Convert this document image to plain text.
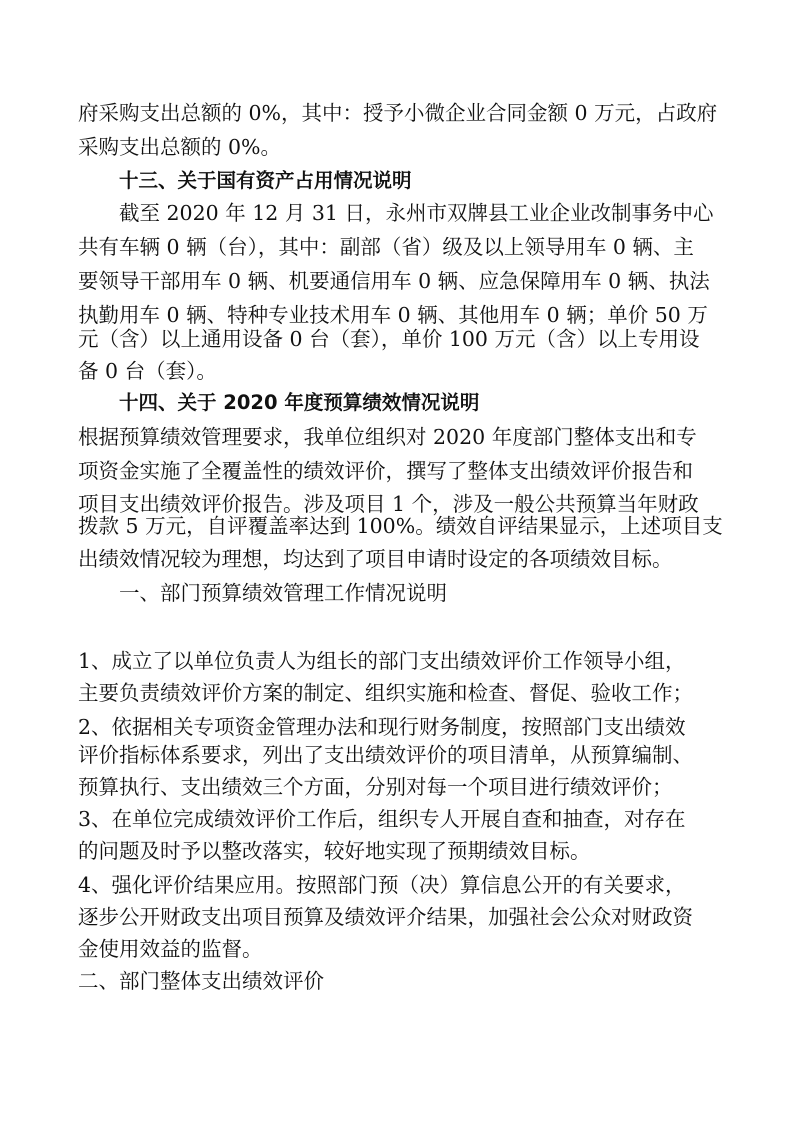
府采购支出总额的 0%，其中：授予小微企业合同金额 0 万元，占政府
采购支出总额的 0%。
十三、关于国有资产占用情况说明
截至 2020 年 12 月 31 日，永州市双牌县工业企业改制事务中心
共有车辆 0 辆（台），其中：副部（省）级及以上领导用车 0 辆、主
要领导干部用车 0 辆、机要通信用车 0 辆、应急保障用车 0 辆、执法
执勤用车 0 辆、特种专业技术用车 0 辆、其他用车 0 辆；单价 50 万
元（含）以上通用设备 0 台（套），单价 100 万元（含）以上专用设
备 0 台（套）。
十四、关于 2020 年度预算绩效情况说明
根据预算绩效管理要求，我单位组织对 2020 年度部门整体支出和专
项资金实施了全覆盖性的绩效评价，撰写了整体支出绩效评价报告和
项目支出绩效评价报告。涉及项目 1 个，涉及一般公共预算当年财政
拨款 5 万元，自评覆盖率达到 100%。绩效自评结果显示，上述项目支
出绩效情况较为理想，均达到了项目申请时设定的各项绩效目标。
一、部门预算绩效管理工作情况说明
1、成立了以单位负责人为组长的部门支出绩效评价工作领导小组，
主要负责绩效评价方案的制定、组织实施和检查、督促、验收工作；
2、依据相关专项资金管理办法和现行财务制度，按照部门支出绩效
评价指标体系要求，列出了支出绩效评价的项目清单，从预算编制、
预算执行、支出绩效三个方面，分别对每一个项目进行绩效评价；
3、在单位完成绩效评价工作后，组织专人开展自查和抽查，对存在
的问题及时予以整改落实，较好地实现了预期绩效目标。
4、强化评价结果应用。按照部门预（决）算信息公开的有关要求，
逐步公开财政支出项目预算及绩效评介结果，加强社会公众对财政资
金使用效益的监督。
二、部门整体支出绩效评价
